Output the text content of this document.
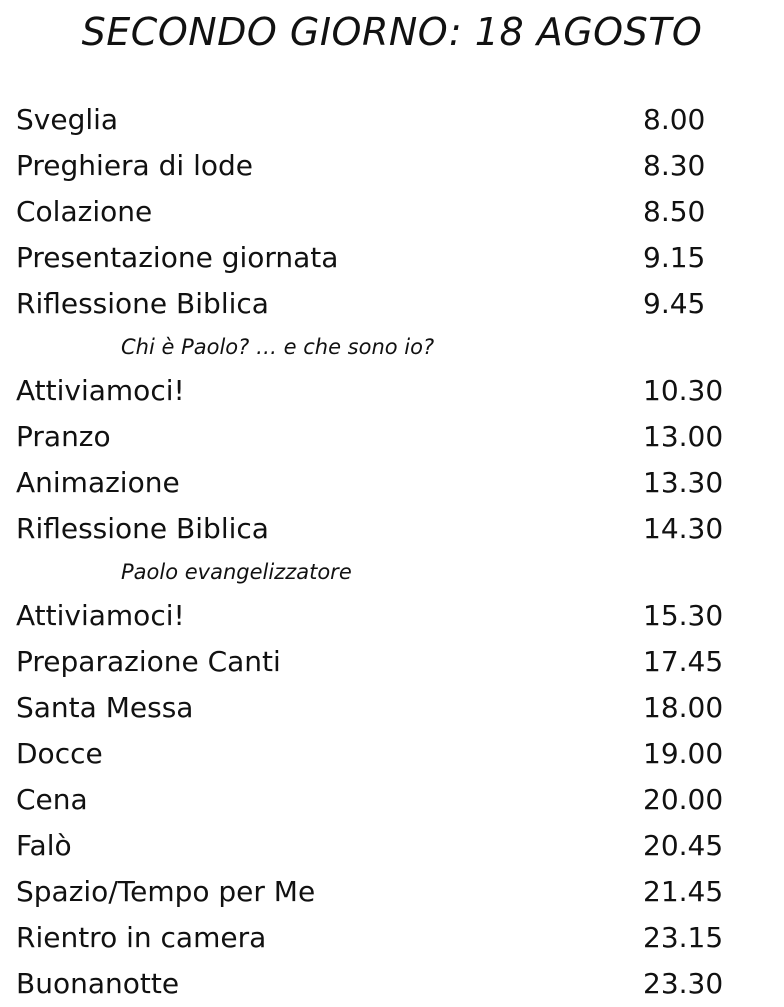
SECONDO GIORNO: 18 AGOSTO
Sveglia	8.00
Preghiera di lode	8.30
Colazione	8.50
Presentazione giornata	9.15
Riflessione Biblica	9.45
Chi è Paolo? … e che sono io?
Attiviamoci!	10.30
Pranzo	13.00
Animazione	13.30
Riflessione Biblica	14.30
Paolo evangelizzatore
Attiviamoci!	15.30
Preparazione Canti	17.45
Santa Messa	18.00
Docce	19.00
Cena	20.00
Falò	20.45
Spazio/Tempo per Me	21.45
Rientro in camera	23.15
Buonanotte	23.30
